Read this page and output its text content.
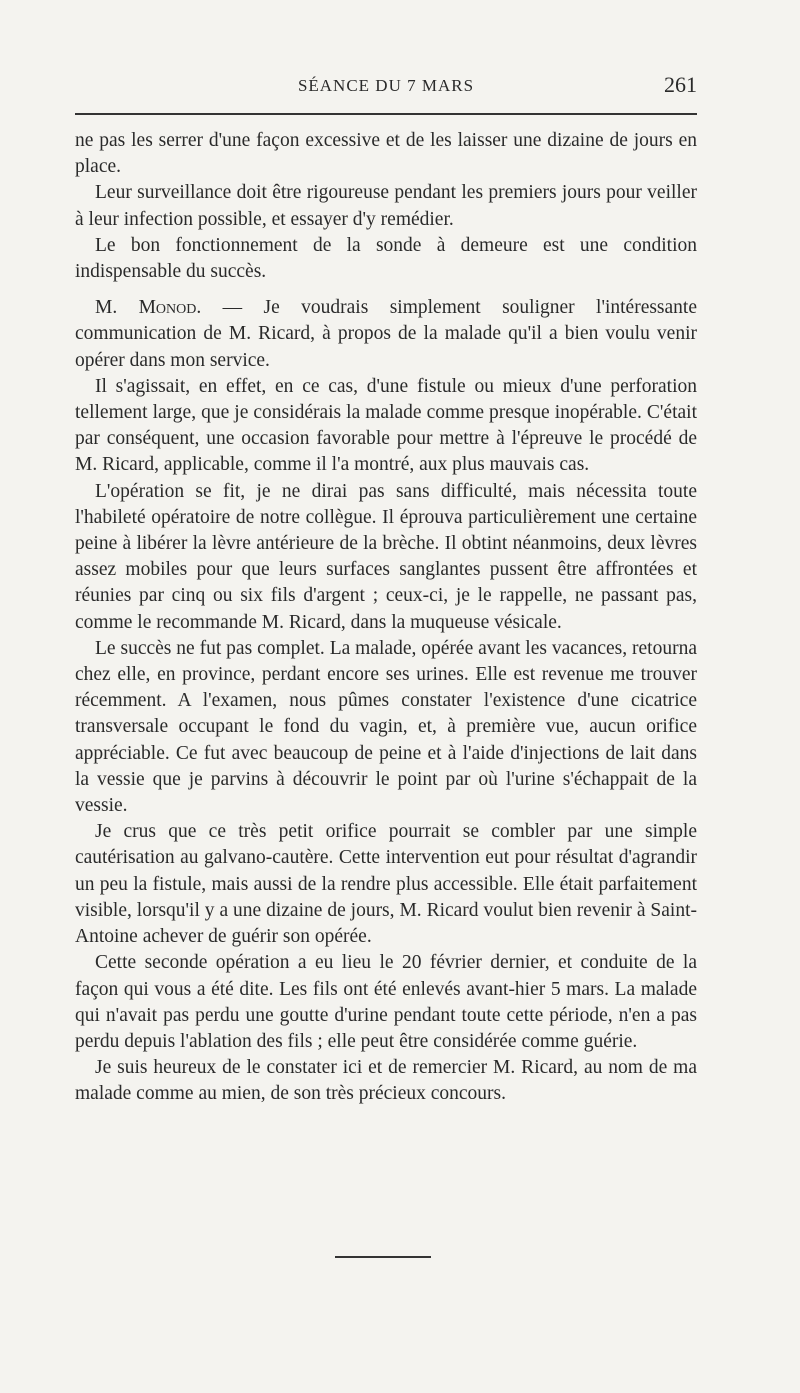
SÉANCE DU 7 MARS	261

ne pas les serrer d'une façon excessive et de les laisser une dizaine de jours en place.

Leur surveillance doit être rigoureuse pendant les premiers jours pour veiller à leur infection possible, et essayer d'y remédier.

Le bon fonctionnement de la sonde à demeure est une condition indispensable du succès.

M. Monod. — Je voudrais simplement souligner l'intéressante communication de M. Ricard, à propos de la malade qu'il a bien voulu venir opérer dans mon service.

Il s'agissait, en effet, en ce cas, d'une fistule ou mieux d'une perforation tellement large, que je considérais la malade comme presque inopérable. C'était par conséquent, une occasion favorable pour mettre à l'épreuve le procédé de M. Ricard, applicable, comme il l'a montré, aux plus mauvais cas.

L'opération se fit, je ne dirai pas sans difficulté, mais nécessita toute l'habileté opératoire de notre collègue. Il éprouva particulièrement une certaine peine à libérer la lèvre antérieure de la brèche. Il obtint néanmoins, deux lèvres assez mobiles pour que leurs surfaces sanglantes pussent être affrontées et réunies par cinq ou six fils d'argent ; ceux-ci, je le rappelle, ne passant pas, comme le recommande M. Ricard, dans la muqueuse vésicale.

Le succès ne fut pas complet. La malade, opérée avant les vacances, retourna chez elle, en province, perdant encore ses urines. Elle est revenue me trouver récemment. A l'examen, nous pûmes constater l'existence d'une cicatrice transversale occupant le fond du vagin, et, à première vue, aucun orifice appréciable. Ce fut avec beaucoup de peine et à l'aide d'injections de lait dans la vessie que je parvins à découvrir le point par où l'urine s'échappait de la vessie.

Je crus que ce très petit orifice pourrait se combler par une simple cautérisation au galvano-cautère. Cette intervention eut pour résultat d'agrandir un peu la fistule, mais aussi de la rendre plus accessible. Elle était parfaitement visible, lorsqu'il y a une dizaine de jours, M. Ricard voulut bien revenir à Saint-Antoine achever de guérir son opérée.

Cette seconde opération a eu lieu le 20 février dernier, et conduite de la façon qui vous a été dite. Les fils ont été enlevés avant-hier 5 mars. La malade qui n'avait pas perdu une goutte d'urine pendant toute cette période, n'en a pas perdu depuis l'ablation des fils ; elle peut être considérée comme guérie.

Je suis heureux de le constater ici et de remercier M. Ricard, au nom de ma malade comme au mien, de son très précieux concours.
